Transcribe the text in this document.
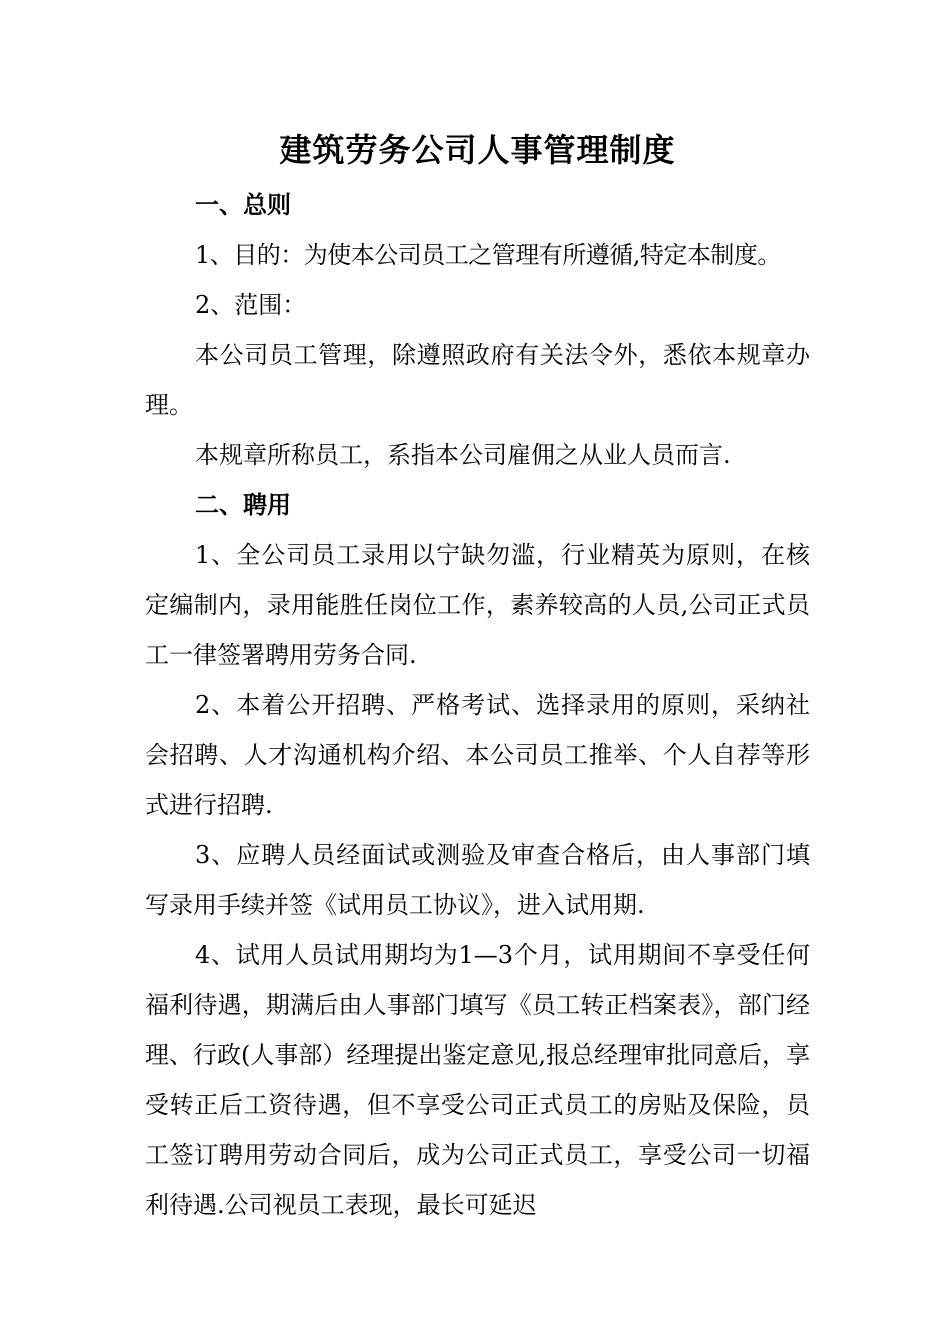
建筑劳务公司人事管理制度

一、总则

1、目的：为使本公司员工之管理有所遵循,特定本制度。

2、范围：

本公司员工管理，除遵照政府有关法令外，悉依本规章办理。

本规章所称员工，系指本公司雇佣之从业人员而言.

二、聘用

1、全公司员工录用以宁缺勿滥，行业精英为原则，在核定编制内，录用能胜任岗位工作，素养较高的人员,公司正式员工一律签署聘用劳务合同.

2、本着公开招聘、严格考试、选择录用的原则，采纳社会招聘、人才沟通机构介绍、本公司员工推举、个人自荐等形式进行招聘.

3、应聘人员经面试或测验及审查合格后，由人事部门填写录用手续并签《试用员工协议》，进入试用期.

4、试用人员试用期均为1—3个月，试用期间不享受任何福利待遇，期满后由人事部门填写《员工转正档案表》，部门经理、行政(人事部）经理提出鉴定意见,报总经理审批同意后，享受转正后工资待遇，但不享受公司正式员工的房贴及保险，员工签订聘用劳动合同后，成为公司正式员工，享受公司一切福利待遇.公司视员工表现，最长可延迟
